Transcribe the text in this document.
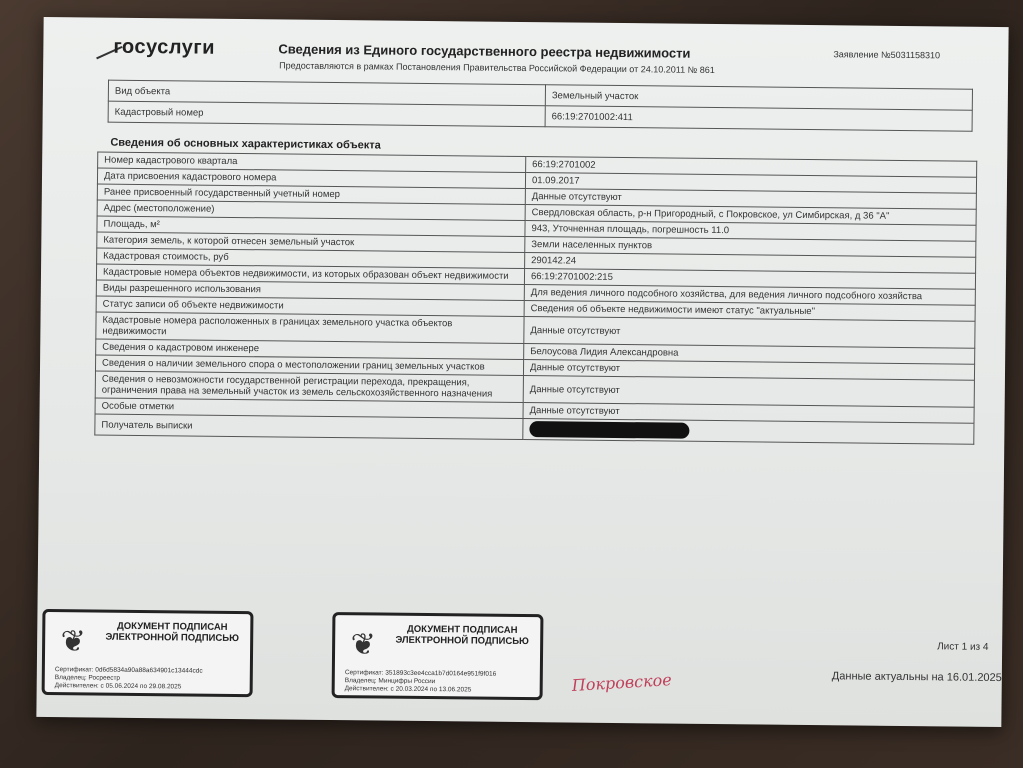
госуслуги	Сведения из Единого государственного реестра недвижимости
Предоставляются в рамках Постановления Правительства Российской Федерации от 24.10.2011 № 861
Заявление №5031158310
Вид объекта	Земельный участок
Кадастровый номер	66:19:2701002:411
Сведения об основных характеристиках объекта
Номер кадастрового квартала	66:19:2701002
Дата присвоения кадастрового номера	01.09.2017
Ранее присвоенный государственный учетный номер	Данные отсутствуют
Адрес (местоположение)	Свердловская область, р-н Пригородный, с Покровское, ул Симбирская, д 36 "А"
Площадь, м²	943, Уточненная площадь, погрешность 11.0
Категория земель, к которой отнесен земельный участок	Земли населенных пунктов
Кадастровая стоимость, руб	290142.24
Кадастровые номера объектов недвижимости, из которых образован объект недвижимости	66:19:2701002:215
Виды разрешенного использования	Для ведения личного подсобного хозяйства, для ведения личного подсобного хозяйства
Статус записи об объекте недвижимости	Сведения об объекте недвижимости имеют статус "актуальные"
Кадастровые номера расположенных в границах земельного участка объектов недвижимости	Данные отсутствуют
Сведения о кадастровом инженере	Белоусова Лидия Александровна
Сведения о наличии земельного спора о местоположении границ земельных участков	Данные отсутствуют
Сведения о невозможности государственной регистрации перехода, прекращения, ограничения права на земельный участок из земель сельскохозяйственного назначения	Данные отсутствуют
Особые отметки	Данные отсутствуют
Получатель выписки	
❦	ДОКУМЕНТ ПОДПИСАН ЭЛЕКТРОННОЙ ПОДПИСЬЮ
Сертификат: 0d6d5834a90a88a634901c13444cdc
Владелец: Росреестр
Действителен: с 05.06.2024 по 29.08.2025
❦	ДОКУМЕНТ ПОДПИСАН ЭЛЕКТРОННОЙ ПОДПИСЬЮ
Сертификат: 351893c3ee4cca1b7d0164e951f9f016
Владелец: Минцифры России
Действителен: с 20.03.2024 по 13.06.2025	Покровское
Лист 1 из 4
Данные актуальны на 16.01.2025
